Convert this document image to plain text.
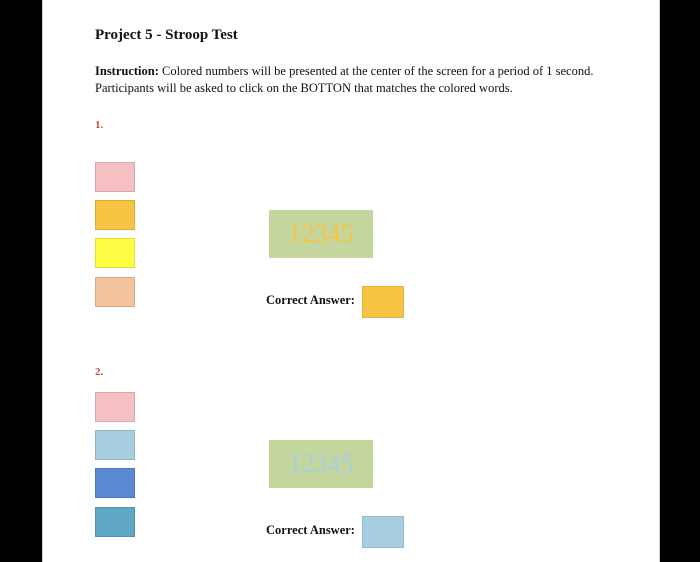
Project 5 - Stroop Test
Instruction: Colored numbers will be presented at the center of the screen for a period of 1 second. Participants will be asked to click on the BOTTON that matches the colored words.
1.
12345
Correct Answer:
2.
12345
Correct Answer:
